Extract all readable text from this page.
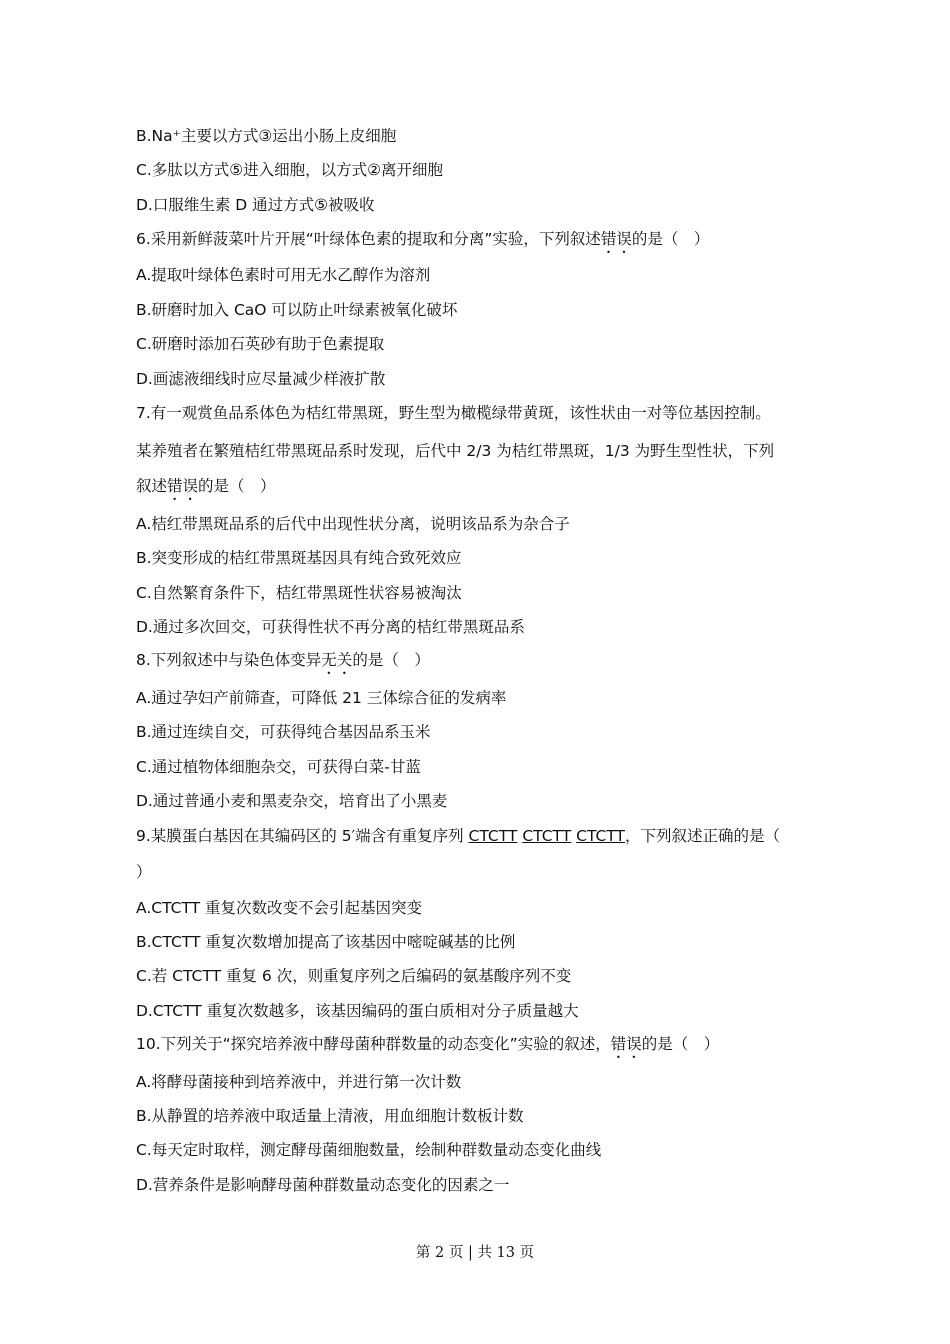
B.Na⁺主要以方式③运出小肠上皮细胞
C.多肽以方式⑤进入细胞，以方式②离开细胞
D.口服维生素 D 通过方式⑤被吸收
6.采用新鲜菠菜叶片开展“叶绿体色素的提取和分离”实验，下列叙述错误的是（　）
A.提取叶绿体色素时可用无水乙醇作为溶剂
B.研磨时加入 CaO 可以防止叶绿素被氧化破坏
C.研磨时添加石英砂有助于色素提取
D.画滤液细线时应尽量减少样液扩散
7.有一观赏鱼品系体色为桔红带黑斑，野生型为橄榄绿带黄斑，该性状由一对等位基因控制。
某养殖者在繁殖桔红带黑斑品系时发现，后代中 2/3 为桔红带黑斑，1/3 为野生型性状，下列
叙述错误的是（　）
A.桔红带黑斑品系的后代中出现性状分离，说明该品系为杂合子
B.突变形成的桔红带黑斑基因具有纯合致死效应
C.自然繁育条件下，桔红带黑斑性状容易被淘汰
D.通过多次回交，可获得性状不再分离的桔红带黑斑品系
8.下列叙述中与染色体变异无关的是（　）
A.通过孕妇产前筛查，可降低 21 三体综合征的发病率
B.通过连续自交，可获得纯合基因品系玉米
C.通过植物体细胞杂交，可获得白菜-甘蓝
D.通过普通小麦和黑麦杂交，培育出了小黑麦
9.某膜蛋白基因在其编码区的 5′端含有重复序列 CTCTT CTCTT CTCTT，下列叙述正确的是（
）
A.CTCTT 重复次数改变不会引起基因突变
B.CTCTT 重复次数增加提高了该基因中嘧啶碱基的比例
C.若 CTCTT 重复 6 次，则重复序列之后编码的氨基酸序列不变
D.CTCTT 重复次数越多，该基因编码的蛋白质相对分子质量越大
10.下列关于“探究培养液中酵母菌种群数量的动态变化”实验的叙述，错误的是（　）
A.将酵母菌接种到培养液中，并进行第一次计数
B.从静置的培养液中取适量上清液，用血细胞计数板计数
C.每天定时取样，测定酵母菌细胞数量，绘制种群数量动态变化曲线
D.营养条件是影响酵母菌种群数量动态变化的因素之一
第 2 页 | 共 13 页
